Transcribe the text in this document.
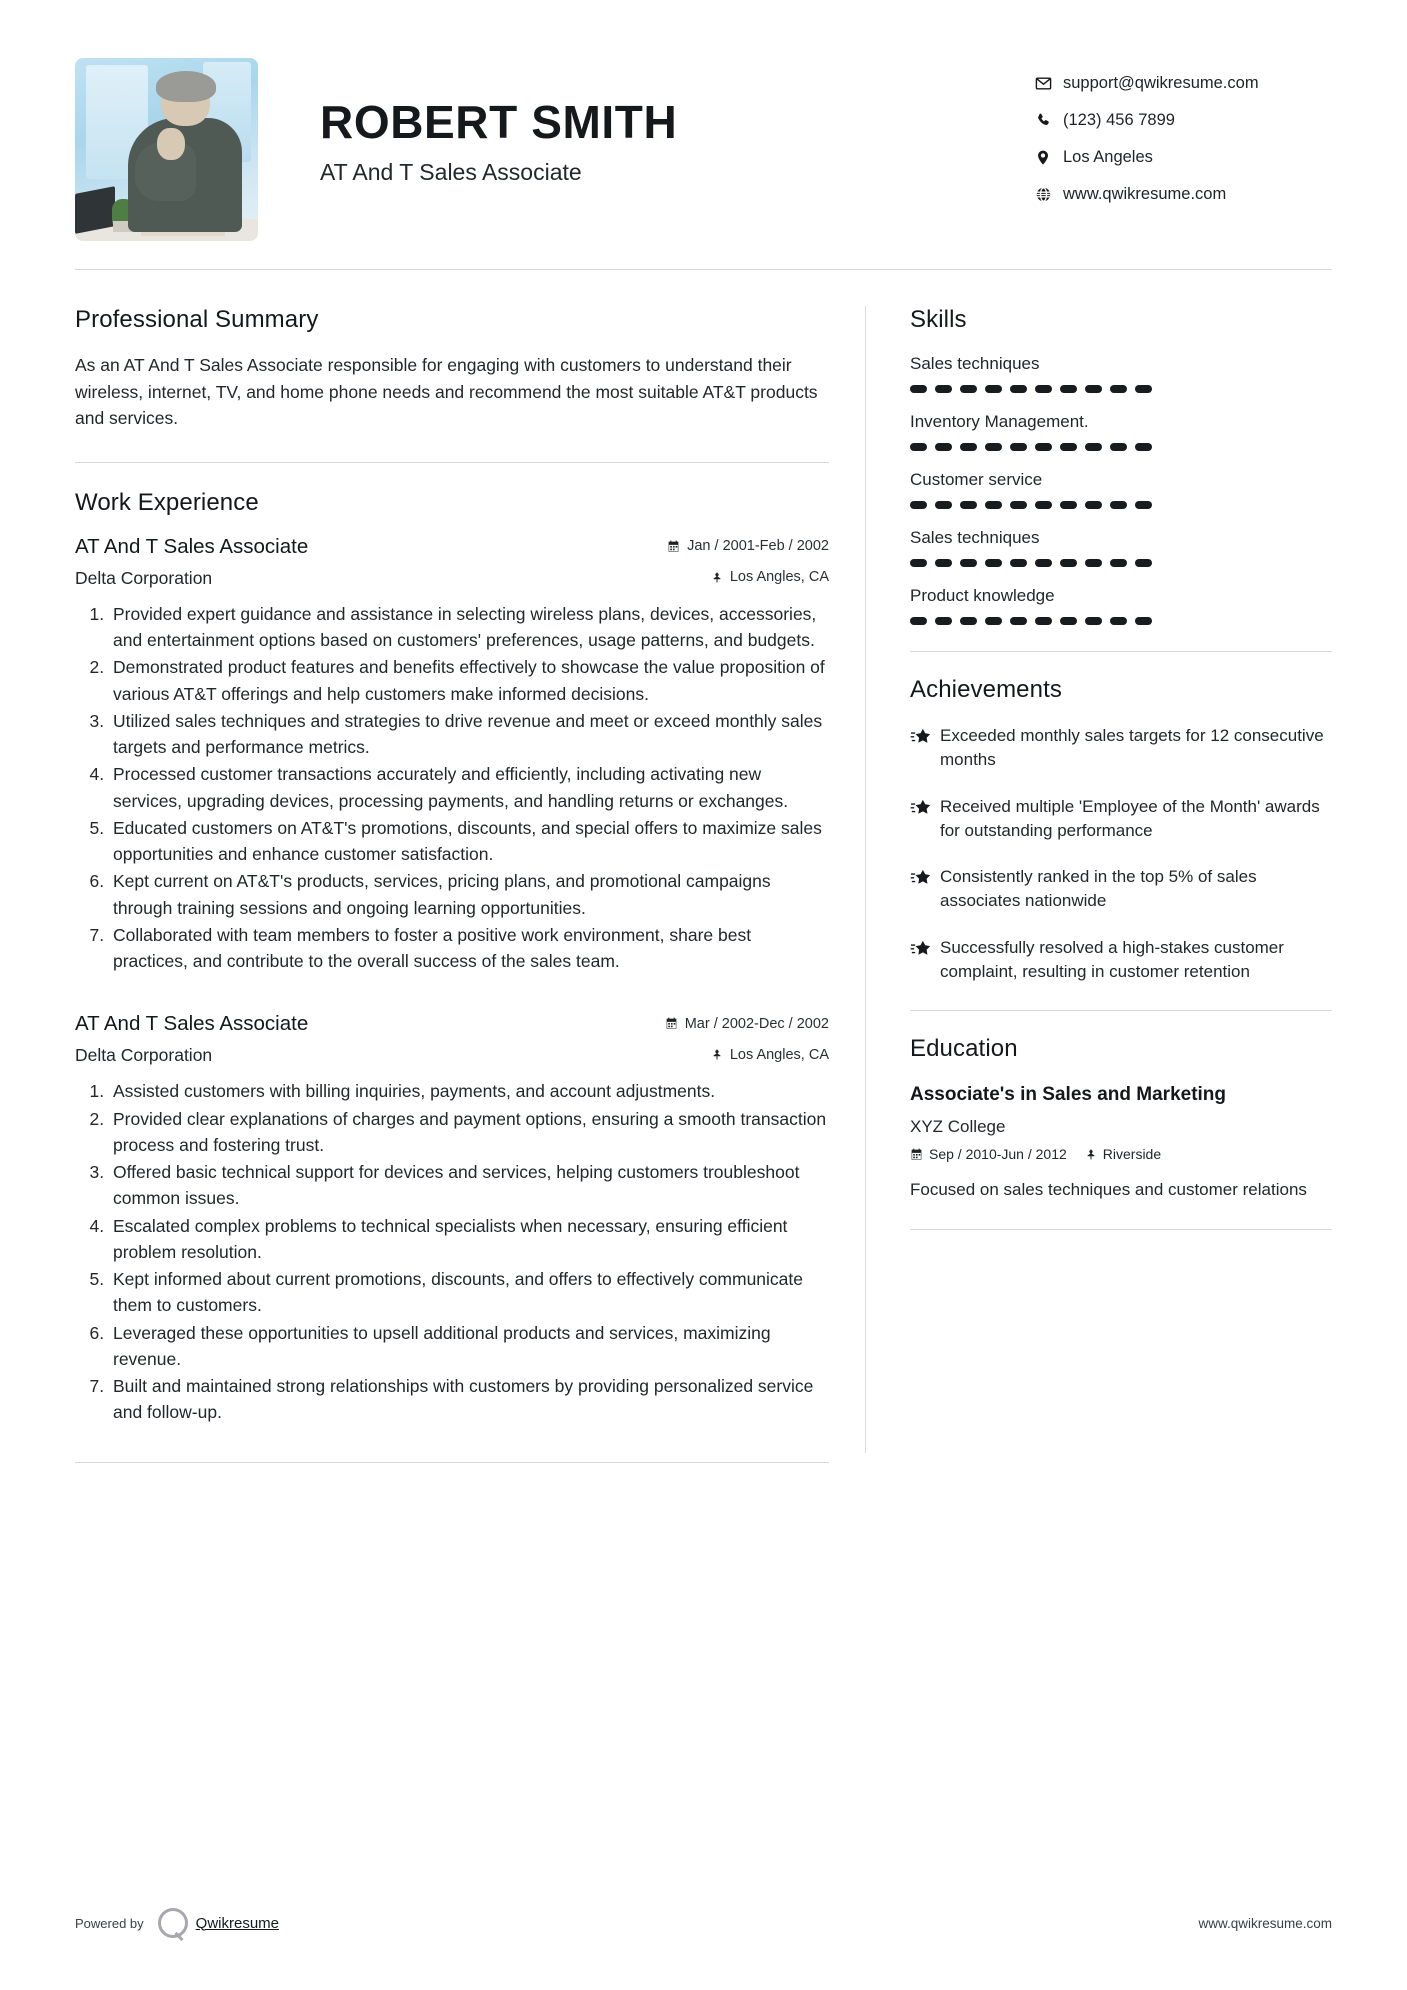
ROBERT SMITH
AT And T Sales Associate
support@qwikresume.com
(123) 456 7899
Los Angeles
www.qwikresume.com
Professional Summary

As an AT And T Sales Associate responsible for engaging with customers to understand their wireless, internet, TV, and home phone needs and recommend the most suitable AT&T products and services.

Work Experience
AT And T Sales Associate	Jan / 2001-Feb / 2002
Delta Corporation	Los Angles, CA
1. Provided expert guidance and assistance in selecting wireless plans, devices, accessories, and entertainment options based on customers' preferences, usage patterns, and budgets.
2. Demonstrated product features and benefits effectively to showcase the value proposition of various AT&T offerings and help customers make informed decisions.
3. Utilized sales techniques and strategies to drive revenue and meet or exceed monthly sales targets and performance metrics.
4. Processed customer transactions accurately and efficiently, including activating new services, upgrading devices, processing payments, and handling returns or exchanges.
5. Educated customers on AT&T's promotions, discounts, and special offers to maximize sales opportunities and enhance customer satisfaction.
6. Kept current on AT&T's products, services, pricing plans, and promotional campaigns through training sessions and ongoing learning opportunities.
7. Collaborated with team members to foster a positive work environment, share best practices, and contribute to the overall success of the sales team.
AT And T Sales Associate	Mar / 2002-Dec / 2002
Delta Corporation	Los Angles, CA
1. Assisted customers with billing inquiries, payments, and account adjustments.
2. Provided clear explanations of charges and payment options, ensuring a smooth transaction process and fostering trust.
3. Offered basic technical support for devices and services, helping customers troubleshoot common issues.
4. Escalated complex problems to technical specialists when necessary, ensuring efficient problem resolution.
5. Kept informed about current promotions, discounts, and offers to effectively communicate them to customers.
6. Leveraged these opportunities to upsell additional products and services, maximizing revenue.
7. Built and maintained strong relationships with customers by providing personalized service and follow-up.
Skills
Sales techniques
Inventory Management.
Customer service
Sales techniques
Product knowledge
Achievements
Exceeded monthly sales targets for 12 consecutive months
Received multiple 'Employee of the Month' awards for outstanding performance
Consistently ranked in the top 5% of sales associates nationwide
Successfully resolved a high-stakes customer complaint, resulting in customer retention
Education
Associate's in Sales and Marketing
XYZ College
Sep / 2010-Jun / 2012	Riverside
Focused on sales techniques and customer relations
Powered by	Qwikresume	www.qwikresume.com
